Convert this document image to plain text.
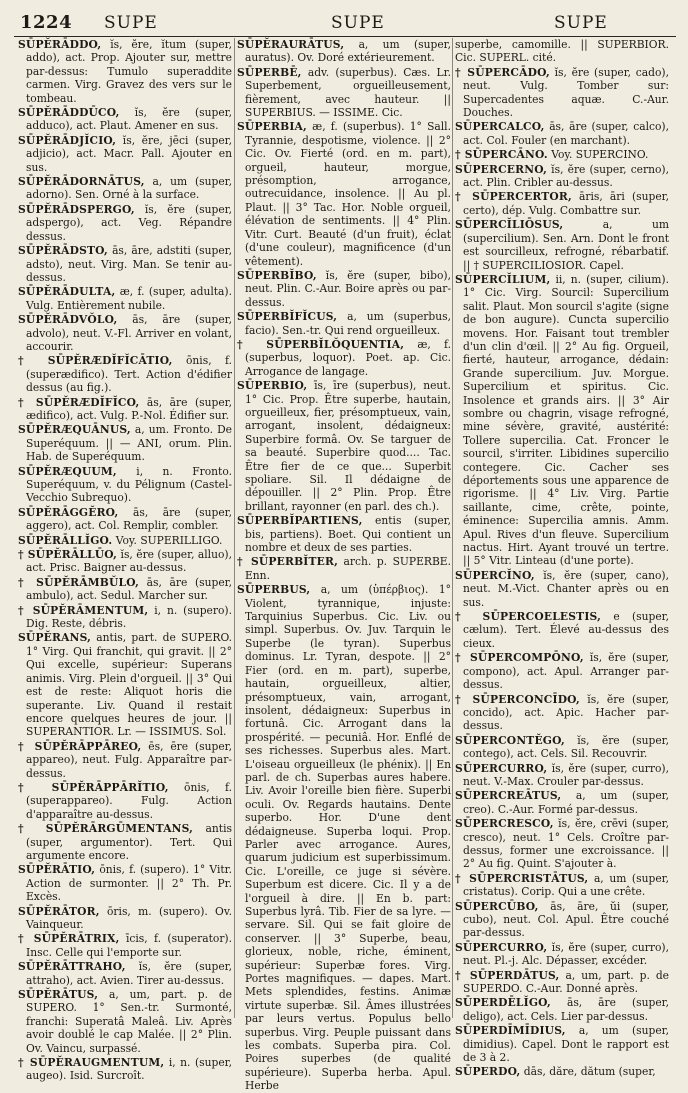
1224 SUPE	SUPE	SUPE

SŪPĔRĀDDO, ĭs, ĕre, ĭtum (super, addo), act. Prop. Ajouter sur, mettre par-dessus: Tumulo superaddite carmen. Virg. Gravez des vers sur le tombeau.

SŪPĔRĀDDŪCO, ĭs, ĕre (super, adduco), act. Plaut. Amener en sus.

SŪPĔRĀDJĬCIO, ĭs, ĕre, jēci (super, adjicio), act. Macr. Pall. Ajouter en sus.

SŪPĔRĀDORNĀTUS, a, um (super, adorno). Sen. Orné à la surface.

SŪPĔRĀDSPERGO, ĭs, ĕre (super, adspergo), act. Veg. Répandre dessus.

SŪPĔRĀDSTO, ās, āre, adstiti (super, adsto), neut. Virg. Man. Se tenir au-dessus.

SŪPĔRĀDULTA, æ, f. (super, adulta). Vulg. Entièrement nubile.

SŪPĔRĀDVŎLO, ās, āre (super, advolo), neut. V.-Fl. Arriver en volant, accourir.

† SŪPĔRÆDĬFĬCĀTIO, ōnis, f. (superædifico). Tert. Action d'édifier dessus (au fig.).

† SŪPĔRÆDĬFĬCO, ās, āre (super, ædifico), act. Vulg. P.-Nol. Édifier sur.

SŪPĔRÆQUĀNUS, a, um. Fronto. De Superéquum. || — ANI, orum. Plin. Hab. de Superéquum.

SŪPĔRÆQUUM, i, n. Fronto. Superéquum, v. du Pélignum (Castel-Vecchio Subrequo).

SŪPĔRĀGGĔRO, ās, āre (super, aggero), act. Col. Remplir, combler.

SŪPĔRĀLLĬGO. Voy. SUPERILLIGO.

† SŪPĔRĀLLŪO, ĭs, ĕre (super, alluo), act. Prisc. Baigner au-dessus.

† SŪPĔRĀMBŬLO, ās, āre (super, ambulo), act. Sedul. Marcher sur.

† SŪPĔRĀMENTUM, i, n. (supero). Dig. Reste, débris.

SŪPĔRANS, antis, part. de SUPERO. 1° Virg. Qui franchit, qui gravit. || 2° Qui excelle, supérieur: Superans animis. Virg. Plein d'orgueil. || 3° Qui est de reste: Aliquot horis die superante. Liv. Quand il restait encore quelques heures de jour. || SUPERANTIOR. Lr. — ISSIMUS. Sol.

† SŪPĔRĀPPĀREO, ēs, ēre (super, appareo), neut. Fulg. Apparaître par-dessus.

† SŪPĔRĀPPĀRĬTIO, ōnis, f. (superappareo). Fulg. Action d'apparaître au-dessus.

† SŪPĔRĀRGŪMENTANS, antis (super, argumentor). Tert. Qui argumente encore.

SŪPĔRĀTIO, ōnis, f. (supero). 1° Vitr. Action de surmonter. || 2° Th. Pr. Excès.

SŪPĔRĀTOR, ōris, m. (supero). Ov. Vainqueur.

† SŪPĔRĀTRIX, īcis, f. (superator). Insc. Celle qui l'emporte sur.

SŪPĔRĀTTRAHO, ĭs, ĕre (super, attraho), act. Avien. Tirer au-dessus.

SŪPĔRĀTUS, a, um, part. p. de SUPERO. 1° Sen.-tr. Surmonté, franchi: Superatâ Maleâ. Liv. Après avoir doublé le cap Malée. || 2° Plin. Ov. Vaincu, surpassé.

† SŪPĔRAUGMENTUM, i, n. (super, augeo). Isid. Surcroît.

SŪPĔRAURĀTUS, a, um (super, auratus). Ov. Doré extérieurement.

SŪPERBĒ, adv. (superbus). Cæs. Lr. Superbement, orgueilleusement, fièrement, avec hauteur. || SUPERBIUS. — ISSIME. Cic.

SŪPERBIA, æ, f. (superbus). 1° Sall. Tyrannie, despotisme, violence. || 2° Cic. Ov. Fierté (ord. en m. part), orgueil, hauteur, morgue, présomption, arrogance, outrecuidance, insolence. || Au pl. Plaut. || 3° Tac. Hor. Noble orgueil, élévation de sentiments. || 4° Plin. Vitr. Curt. Beauté (d'un fruit), éclat (d'une couleur), magnificence (d'un vêtement).

SŪPERBĬBO, ĭs, ĕre (super, bibo), neut. Plin. C.-Aur. Boire après ou par-dessus.

SŪPERBĬFĬCUS, a, um (superbus, facio). Sen.-tr. Qui rend orgueilleux.

† SŪPERBĬLŎQUENTIA, æ, f. (superbus, loquor). Poet. ap. Cic. Arrogance de langage.

SŪPERBIO, īs, īre (superbus), neut. 1° Cic. Prop. Être superbe, hautain, orgueilleux, fier, présomptueux, vain, arrogant, insolent, dédaigneux: Superbire formâ. Ov. Se targuer de sa beauté. Superbire quod.... Tac. Être fier de ce que... Superbit spoliare. Sil. Il dédaigne de dépouiller. || 2° Plin. Prop. Être brillant, rayonner (en parl. des ch.).

SŪPERBĬPARTIENS, entis (super, bis, partiens). Boet. Qui contient un nombre et deux de ses parties.

† SŪPERBĬTER, arch. p. SUPERBE. Enn.

SŪPERBUS, a, um (ὑπέρβιος). 1° Violent, tyrannique, injuste: Tarquinius Superbus. Cic. Liv. ou simpl. Superbus. Ov. Juv. Tarquin le Superbe (le tyran). Superbus dominus. Lr. Tyran, despote. || 2° Fier (ord. en m. part), superbe, hautain, orgueilleux, altier, présomptueux, vain, arrogant, insolent, dédaigneux: Superbus in fortunâ. Cic. Arrogant dans la prospérité. — pecuniâ. Hor. Enflé de ses richesses. Superbus ales. Mart. L'oiseau orgueilleux (le phénix). || En parl. de ch. Superbas aures habere. Liv. Avoir l'oreille bien fière. Superbi oculi. Ov. Regards hautains. Dente superbo. Hor. D'une dent dédaigneuse. Superba loqui. Prop. Parler avec arrogance. Aures, quarum judicium est superbissimum. Cic. L'oreille, ce juge si sévère. Superbum est dicere. Cic. Il y a de l'orgueil à dire. || En b. part: Superbus lyrâ. Tib. Fier de sa lyre. — servare. Sil. Qui se fait gloire de conserver. || 3° Superbe, beau, glorieux, noble, riche, éminent, supérieur: Superbæ fores. Virg. Portes magnifiques. — dapes. Mart. Mets splendides, festins. Animæ virtute superbæ. Sil. Âmes illustrées par leurs vertus. Populus bello superbus. Virg. Peuple puissant dans les combats. Superba pira. Col. Poires superbes (de qualité supérieure). Superba herba. Apul. Herbe

superbe, camomille. || SUPERBIOR. Cic. SUPERL. cité.

† SŪPERCĀDO, ĭs, ĕre (super, cado), neut. Vulg. Tomber sur: Supercadentes aquæ. C.-Aur. Douches.

SŪPERCALCO, ās, āre (super, calco), act. Col. Fouler (en marchant).

† SŪPERCĀNO. Voy. SUPERCINO.

SŪPERCERNO, ĭs, ĕre (super, cerno), act. Plin. Cribler au-dessus.

† SŪPERCERTOR, āris, āri (super, certo), dép. Vulg. Combattre sur.

SŪPERCĬLIŌSUS,	a, um (supercilium). Sen. Arn. Dont le front est sourcilleux, refrogné, rébarbatif. || † SUPERCILIOSIOR. Capel.

SŪPERCĬLIUM, ii, n. (super, cilium). 1° Cic. Virg. Sourcil: Supercilium salit. Plaut. Mon sourcil s'agite (signe de bon augure). Cuncta supercilio movens. Hor. Faisant tout trembler d'un clin d'œil. || 2° Au fig. Orgueil, fierté, hauteur, arrogance, dédain: Grande supercilium. Juv. Morgue. Supercilium et spiritus. Cic. Insolence et grands airs. || 3° Air sombre ou chagrin, visage refrogné, mine sévère, gravité, austérité: Tollere supercilia. Cat. Froncer le sourcil, s'irriter. Libidines supercilio contegere. Cic. Cacher ses déportements sous une apparence de rigorisme. || 4° Liv. Virg. Partie saillante, cime, crête, pointe, éminence: Supercilia amnis. Amm. Apul. Rives d'un fleuve. Supercilium nactus. Hirt. Ayant trouvé un tertre. || 5° Vitr. Linteau (d'une porte).

SŪPERCĬNO, ĭs, ĕre (super, cano), neut. M.-Vict. Chanter après ou en sus.

† SŪPERCOELESTIS, e (super, cælum). Tert. Élevé au-dessus des cieux.

† SŪPERCOMPŌNO, ĭs, ĕre (super, compono), act. Apul. Arranger par-dessus.

† SŪPERCONCĪDO, ĭs, ĕre (super, concido), act. Apic. Hacher par-dessus.

SŪPERCONTĔGO, ĭs, ĕre (super, contego), act. Cels. Sil. Recouvrir.

SŪPERCURRO, ĭs, ĕre (super, curro), neut. V.-Max. Crouler par-dessus.

SŪPERCREĀTUS, a, um (super, creo). C.-Aur. Formé par-dessus.

SŪPERCRESCO, ĭs, ĕre, crēvi (super, cresco), neut. 1° Cels. Croître par-dessus, former une excroissance. || 2° Au fig. Quint. S'ajouter à.

† SŪPERCRISTĀTUS, a, um (super, cristatus). Corip. Qui a une crête.

SŪPERCŪBO, ās, āre, ŭi (super, cubo), neut. Col. Apul. Être couché par-dessus.

SŪPERCURRO, ĭs, ĕre (super, curro), neut. Pl.-j. Alc. Dépasser, excéder.

† SŪPERDĀTUS, a, um, part. p. de SUPERDO. C.-Aur. Donné après.

SŪPERDĒLĬGO, ās, āre (super, deligo), act. Cels. Lier par-dessus.

SŪPERDĪMĪDIUS, a, um (super, dimidius). Capel. Dont le rapport est de 3 à 2.

SŪPERDO, dās, dăre, dătum (super,
